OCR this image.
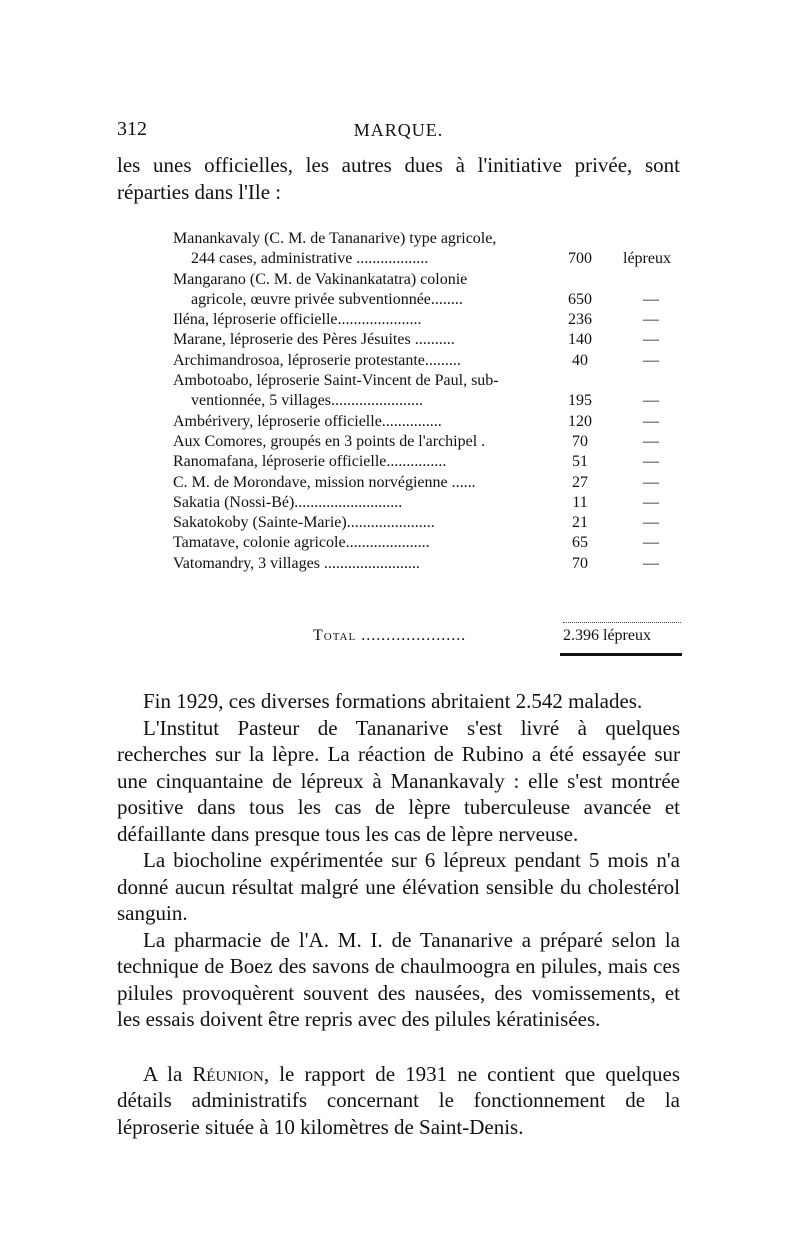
312	MARQUE.
les unes officielles, les autres dues à l'initiative privée, sont
réparties dans l'Ile :
Manankavaly (C. M. de Tananarive) type agricole,
244 cases, administrative ..................	700	lépreux
Mangarano (C. M. de Vakinankatatra) colonie
agricole, œuvre privée subventionnée........	650	—
Iléna, léproserie officielle.....................	236	—
Marane, léproserie des Pères Jésuites ..........	140	—
Archimandrosoa, léproserie protestante.........	40	—
Ambotoabo, léproserie Saint-Vincent de Paul, sub-
ventionnée, 5 villages.......................	195	—
Ambérivery, léproserie officielle...............	120	—
Aux Comores, groupés en 3 points de l'archipel .	70	—
Ranomafana, léproserie officielle...............	51	—
C. M. de Morondave, mission norvégienne ......	27	—
Sakatia (Nossi-Bé)...........................	11	—
Sakatokoby (Sainte-Marie)......................	21	—
Tamatave, colonie agricole.....................	65	—
Vatomandry, 3 villages ........................	70	—
Total .....................	2.396 lépreux

Fin 1929, ces diverses formations abritaient 2.542 malades.

L'Institut Pasteur de Tananarive s'est livré à quelques recherches sur la lèpre. La réaction de Rubino a été essayée sur une cinquantaine de lépreux à Manankavaly : elle s'est montrée positive dans tous les cas de lèpre tuberculeuse avancée et défaillante dans presque tous les cas de lèpre nerveuse.

La biocholine expérimentée sur 6 lépreux pendant 5 mois n'a donné aucun résultat malgré une élévation sensible du cholestérol sanguin.

La pharmacie de l'A. M. I. de Tananarive a préparé selon la technique de Boez des savons de chaulmoogra en pilules, mais ces pilules provoquèrent souvent des nausées, des vomissements, et les essais doivent être repris avec des pilules kératinisées.

A la Réunion, le rapport de 1931 ne contient que quelques détails administratifs concernant le fonctionnement de la léproserie située à 10 kilomètres de Saint-Denis.
